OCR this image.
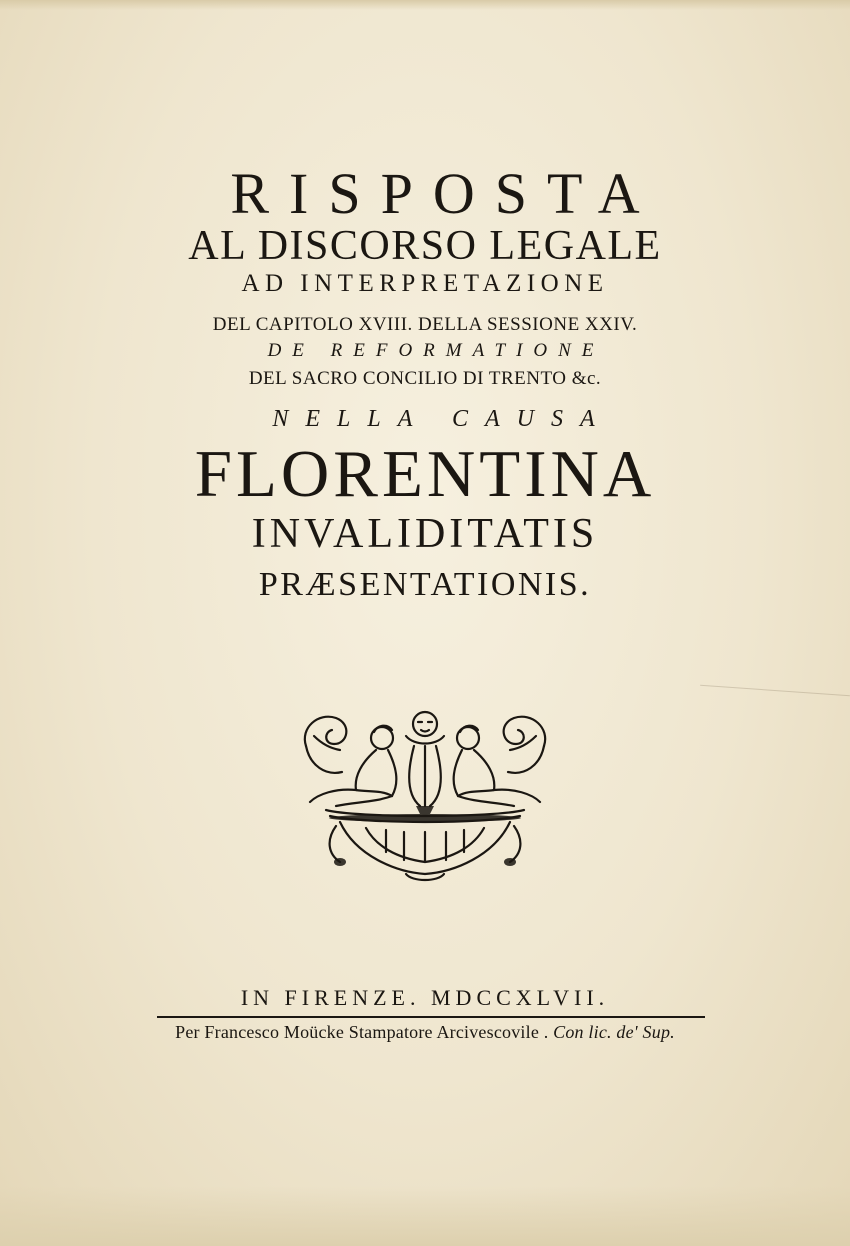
RISPOSTA
AL DISCORSO LEGALE
AD INTERPRETAZIONE
DEL CAPITOLO XVIII. DELLA SESSIONE XXIV.
DE REFORMATIONE
DEL SACRO CONCILIO DI TRENTO &c.
NELLA CAUSA
FLORENTINA
INVALIDITATIS
PRÆSENTATIONIS.
IN FIRENZE. MDCCXLVII.
Per Francesco Moücke Stampatore Arcivescovile . Con lic. de' Sup.
